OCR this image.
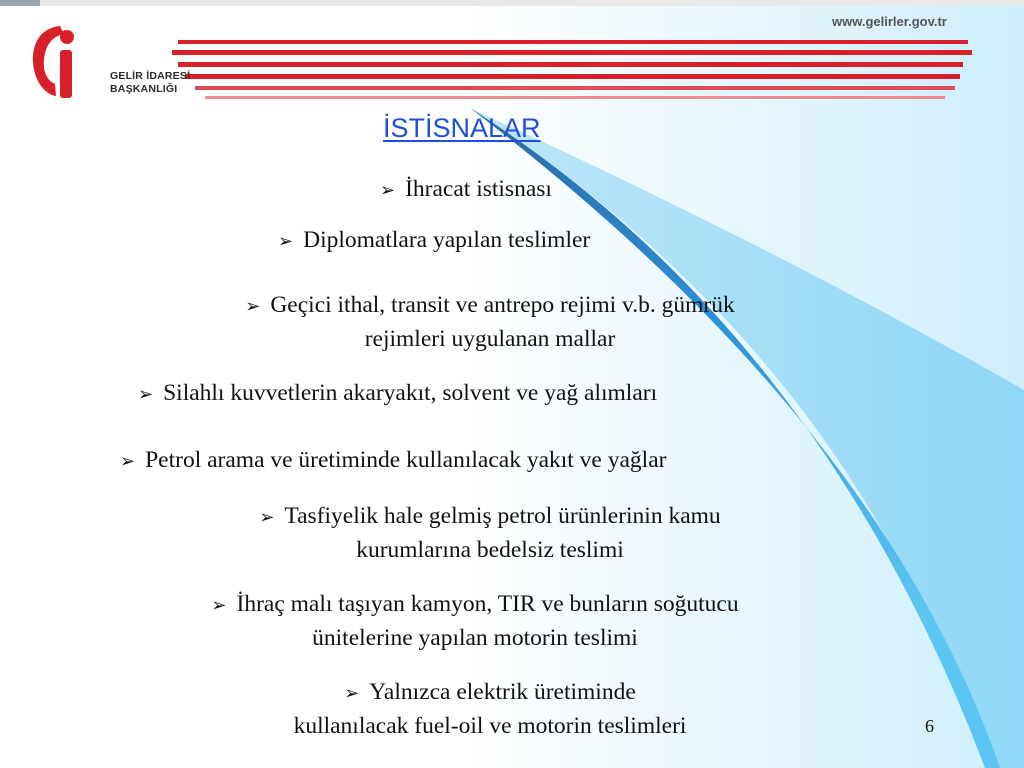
GELİR İDARESİ
BAŞKANLIĞI
www.gelirler.gov.tr
İSTİSNALAR
➢ İhracat istisnası
➢ Diplomatlara yapılan teslimler
➢ Geçici ithal, transit ve antrepo rejimi v.b. gümrük
rejimleri uygulanan mallar
➢ Silahlı kuvvetlerin akaryakıt, solvent ve yağ alımları
➢ Petrol arama ve üretiminde kullanılacak yakıt ve yağlar
➢ Tasfiyelik hale gelmiş petrol ürünlerinin kamu
kurumlarına bedelsiz teslimi
➢ İhraç malı taşıyan kamyon, TIR ve bunların soğutucu
ünitelerine yapılan motorin teslimi
➢ Yalnızca elektrik üretiminde
kullanılacak fuel-oil ve motorin teslimleri	6
